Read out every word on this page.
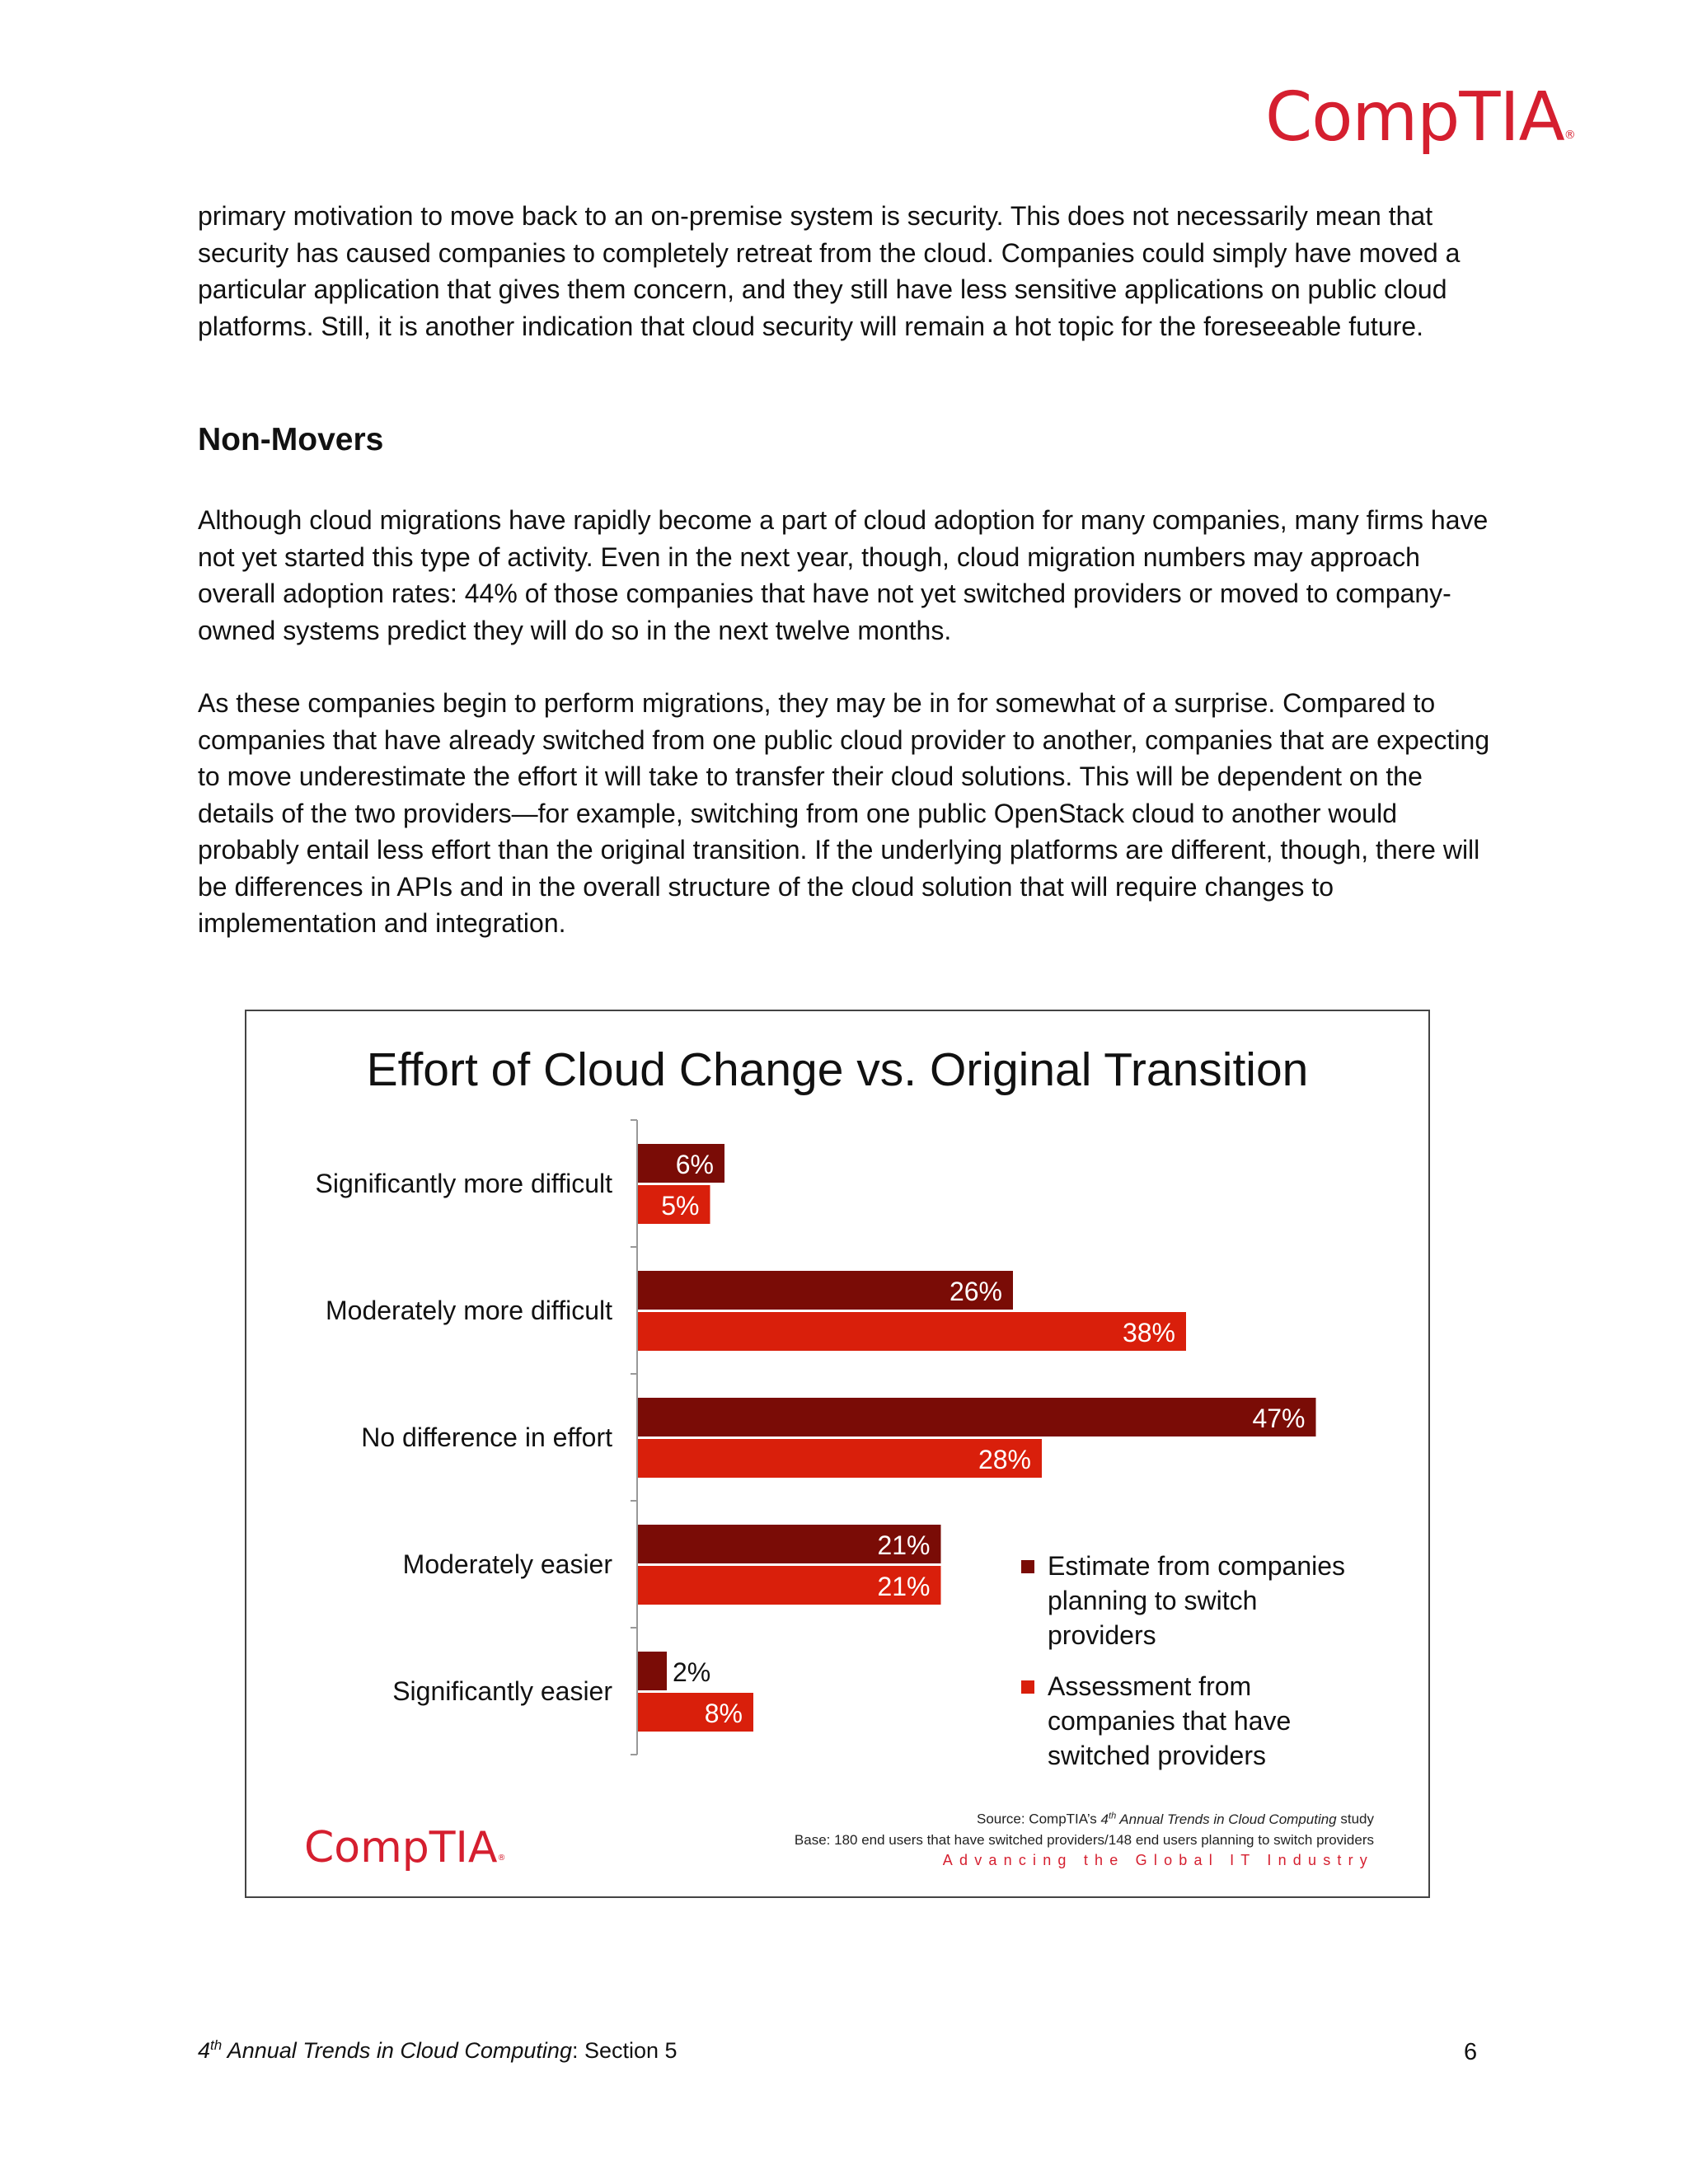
CompTIA®
primary motivation to move back to an on-premise system is security. This does not necessarily mean that security has caused companies to completely retreat from the cloud. Companies could simply have moved a particular application that gives them concern, and they still have less sensitive applications on public cloud platforms. Still, it is another indication that cloud security will remain a hot topic for the foreseeable future.
Non-Movers
Although cloud migrations have rapidly become a part of cloud adoption for many companies, many firms have not yet started this type of activity. Even in the next year, though, cloud migration numbers may approach overall adoption rates: 44% of those companies that have not yet switched providers or moved to company-owned systems predict they will do so in the next twelve months.
As these companies begin to perform migrations, they may be in for somewhat of a surprise. Compared to companies that have already switched from one public cloud provider to another, companies that are expecting to move underestimate the effort it will take to transfer their cloud solutions. This will be dependent on the details of the two providers—for example, switching from one public OpenStack cloud to another would probably entail less effort than the original transition. If the underlying platforms are different, though, there will be differences in APIs and in the overall structure of the cloud solution that will require changes to implementation and integration.
Effort of Cloud Change vs. Original Transition
Significantly more difficult
6%
5%
Moderately more difficult
26%
38%
No difference in effort
47%
28%
Moderately easier
21%
21%
Significantly easier
2%
8%
Estimate from companies
planning to switch
providers
Assessment from
companies that have
switched providers
CompTIA®
Source: CompTIA’s 4th Annual Trends in Cloud Computing study
Base: 180 end users that have switched providers/148 end users planning to switch providers
Advancing the Global IT Industry
4th Annual Trends in Cloud Computing: Section 5	6
